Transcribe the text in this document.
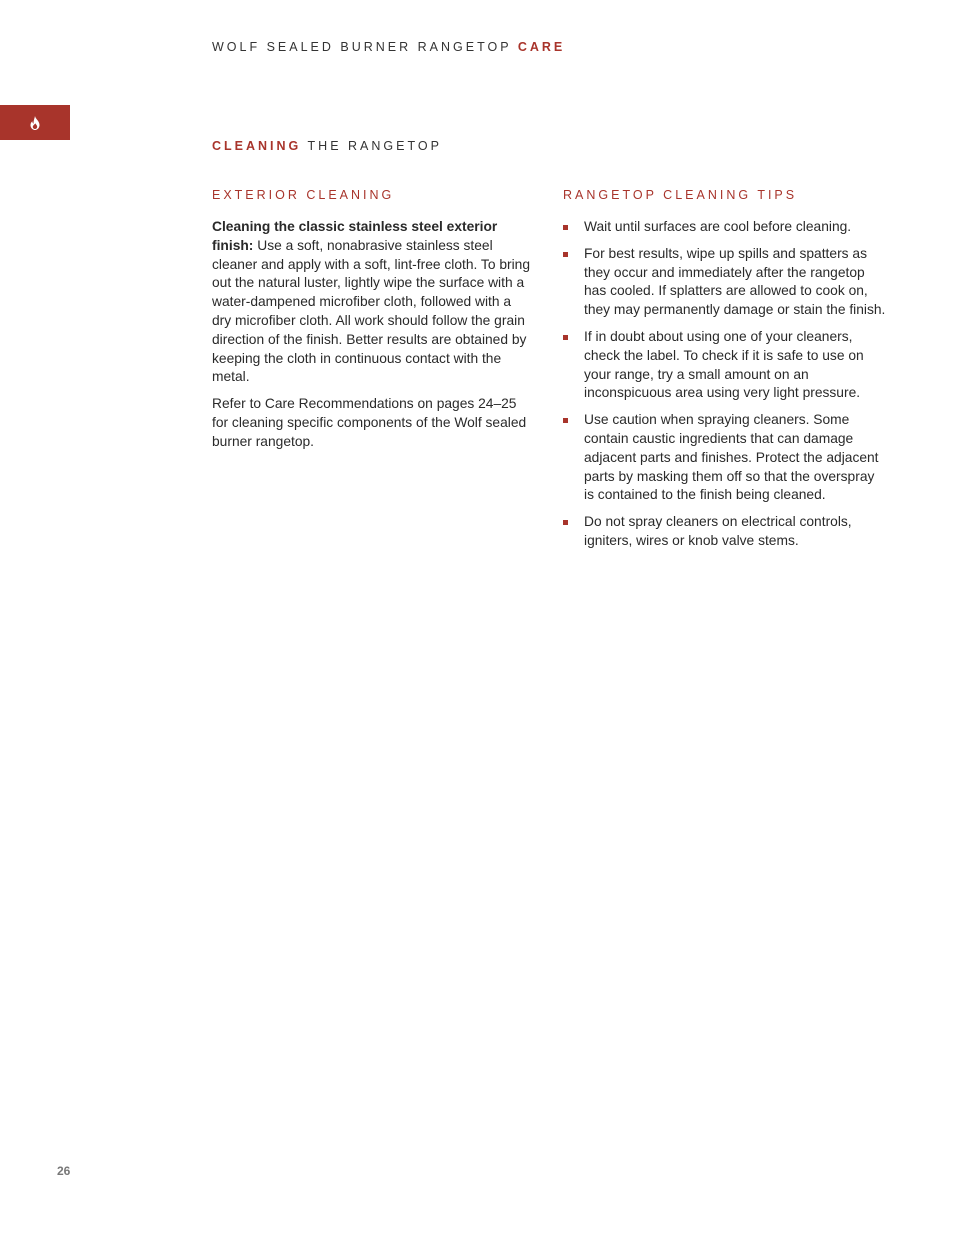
WOLF SEALED BURNER RANGETOP CARE
CLEANING THE RANGETOP
EXTERIOR CLEANING

Cleaning the classic stainless steel exterior finish: Use a soft, nonabrasive stainless steel cleaner and apply with a soft, lint-free cloth. To bring out the natural luster, lightly wipe the surface with a water-dampened microfiber cloth, followed with a dry microfiber cloth. All work should follow the grain direction of the finish. Better results are obtained by keeping the cloth in continuous contact with the metal.

Refer to Care Recommendations on pages 24–25 for cleaning specific components of the Wolf sealed burner rangetop.

RANGETOP CLEANING TIPS
Wait until surfaces are cool before cleaning.
For best results, wipe up spills and spatters as they occur and immediately after the rangetop has cooled. If splatters are allowed to cook on, they may permanently damage or stain the finish.
If in doubt about using one of your cleaners, check the label. To check if it is safe to use on your range, try a small amount on an inconspicuous area using very light pressure.
Use caution when spraying cleaners. Some contain caustic ingredients that can damage adjacent parts and finishes. Protect the adjacent parts by masking them off so that the overspray is contained to the finish being cleaned.
Do not spray cleaners on electrical controls, igniters, wires or knob valve stems.
26
